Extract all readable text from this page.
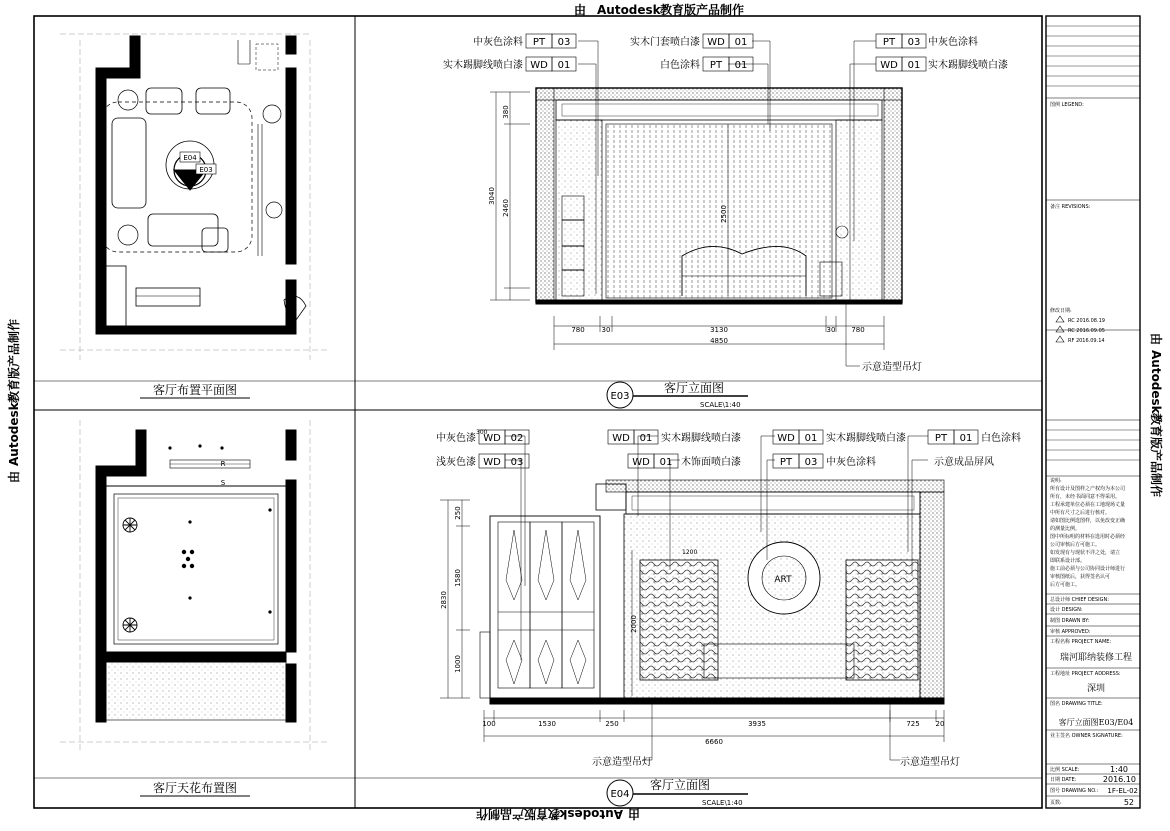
由 Autodesk 教育版产品制作
由
Autodesk
教育版产品制作
由
Autodesk
教育版产品制作	由
Autodesk
教育版产品制作
E04
E03
客厅布置平面图
R
S
客厅天花布置图
中灰色涂料 PT 03
实木踢脚线喷白漆 WD 01
实木门套喷白漆 WD 01
白色涂料 PT 01
PT 03 中灰色涂料
WD 01 实木踢脚线喷白漆
3040
380
2460	2500
780 30	3130	30 780
4850
示意造型吊灯
E03
客厅立面图
SCALE\1:40
中灰色漆 WD 02
浅灰色漆 WD 03
WD 01 实木踢脚线喷白漆
WD 01 木饰面喷白漆
WD 01 实木踢脚线喷白漆
PT 03 中灰色涂料
PT 01 白色涂料
示意成品屏风
2830
250
1580
1000
2000
300
1200
100	1530	250	3935	725 20
6660
ART
示意造型吊灯	示意造型吊灯
E04
客厅立面图
SCALE\1:40
图例 LEGEND:
备注 REVISIONS:
修改日期:
RC 2016.08.19
RC 2016.09.05
RF 2016.09.14
说明:
所有设计及图样之产权均为本公司
所有，未经书面同意不得采用。
工程承建单位必须在工地现场丈量
中所有尺寸之后进行核对。
请如图比例选图样，以免改变正确
的测量比例。
图中所标明的材料在选用时必须经
公司审核后方可施工。
如发现有与现状不详之处，请立
即联系设计部。
施工前必须与公司协同设计师进行
审核图纸后，获得签名认可
后方可施工。
总设计师 CHIEF DESIGN:
设计 DESIGN:
制图 DRAWN BY:
审核 APPROVED:
工程名称 PROJECT NAME:
瑞河耶纳装修工程
工程地址 PROJECT ADDRESS:
深圳
图名 DRAWING TITLE:
客厅立面图E03/E04
业主签名 OWNER SIGNATURE:
比例 SCALE:	1:40
日期 DATE:	2016.10
图号 DRAWING NO.: 1F-EL-02
页数:	52
